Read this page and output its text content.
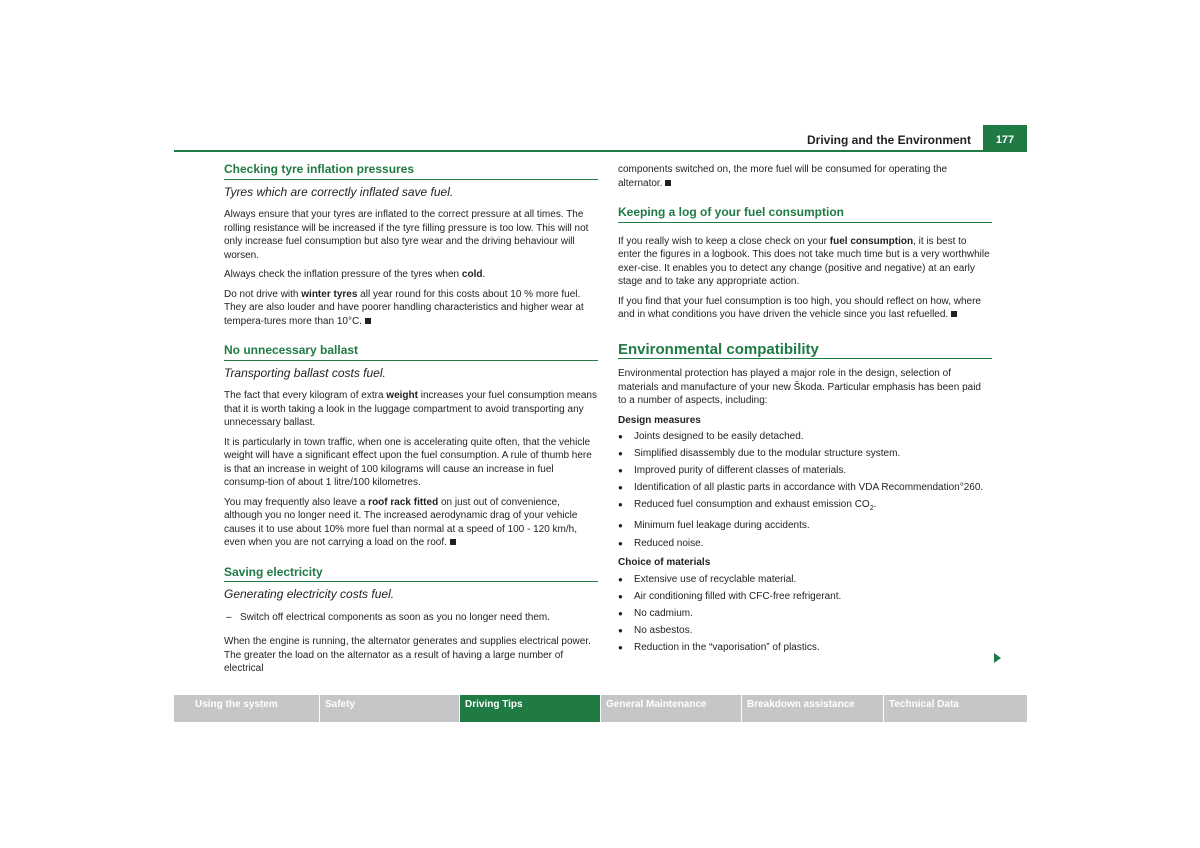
Driving and the Environment	177
Checking tyre inflation pressures
Tyres which are correctly inflated save fuel.

Always ensure that your tyres are inflated to the correct pressure at all times. The rolling resistance will be increased if the tyre filling pressure is too low. This will not only increase fuel consumption but also tyre wear and the driving behaviour will worsen.

Always check the inflation pressure of the tyres when cold.

Do not drive with winter tyres all year round for this costs about 10 % more fuel. They are also louder and have poorer handling characteristics and higher wear at tempera-tures more than 10°C.

No unnecessary ballast
Transporting ballast costs fuel.

The fact that every kilogram of extra weight increases your fuel consumption means that it is worth taking a look in the luggage compartment to avoid transporting any unnecessary ballast.

It is particularly in town traffic, when one is accelerating quite often, that the vehicle weight will have a significant effect upon the fuel consumption. A rule of thumb here is that an increase in weight of 100 kilograms will cause an increase in fuel consump-tion of about 1 litre/100 kilometres.

You may frequently also leave a roof rack fitted on just out of convenience, although you no longer need it. The increased aerodynamic drag of your vehicle causes it to use about 10% more fuel than normal at a speed of 100 - 120 km/h, even when you are not carrying a load on the roof.

Saving electricity
Generating electricity costs fuel.
– Switch off electrical components as soon as you no longer need them.

When the engine is running, the alternator generates and supplies electrical power. The greater the load on the alternator as a result of having a large number of electrical

components switched on, the more fuel will be consumed for operating the alternator.

Keeping a log of your fuel consumption

If you really wish to keep a close check on your fuel consumption, it is best to enter the figures in a logbook. This does not take much time but is a very worthwhile exer-cise. It enables you to detect any change (positive and negative) at an early stage and to take any appropriate action.

If you find that your fuel consumption is too high, you should reflect on how, where and in what conditions you have driven the vehicle since you last refuelled.

Environmental compatibility

Environmental protection has played a major role in the design, selection of materials and manufacture of your new Škoda. Particular emphasis has been paid to a number of aspects, including:

Design measures
● Joints designed to be easily detached.
● Simplified disassembly due to the modular structure system.
● Improved purity of different classes of materials.
● Identification of all plastic parts in accordance with VDA Recommendation°260.
● Reduced fuel consumption and exhaust emission $CO_2$.
● Minimum fuel leakage during accidents.
● Reduced noise.
Choice of materials
● Extensive use of recyclable material.
● Air conditioning filled with CFC-free refrigerant.
● No cadmium.
● No asbestos.
● Reduction in the “vaporisation” of plastics.
Using the system	Safety	Driving Tips	General Maintenance	Breakdown assistance	Technical Data
